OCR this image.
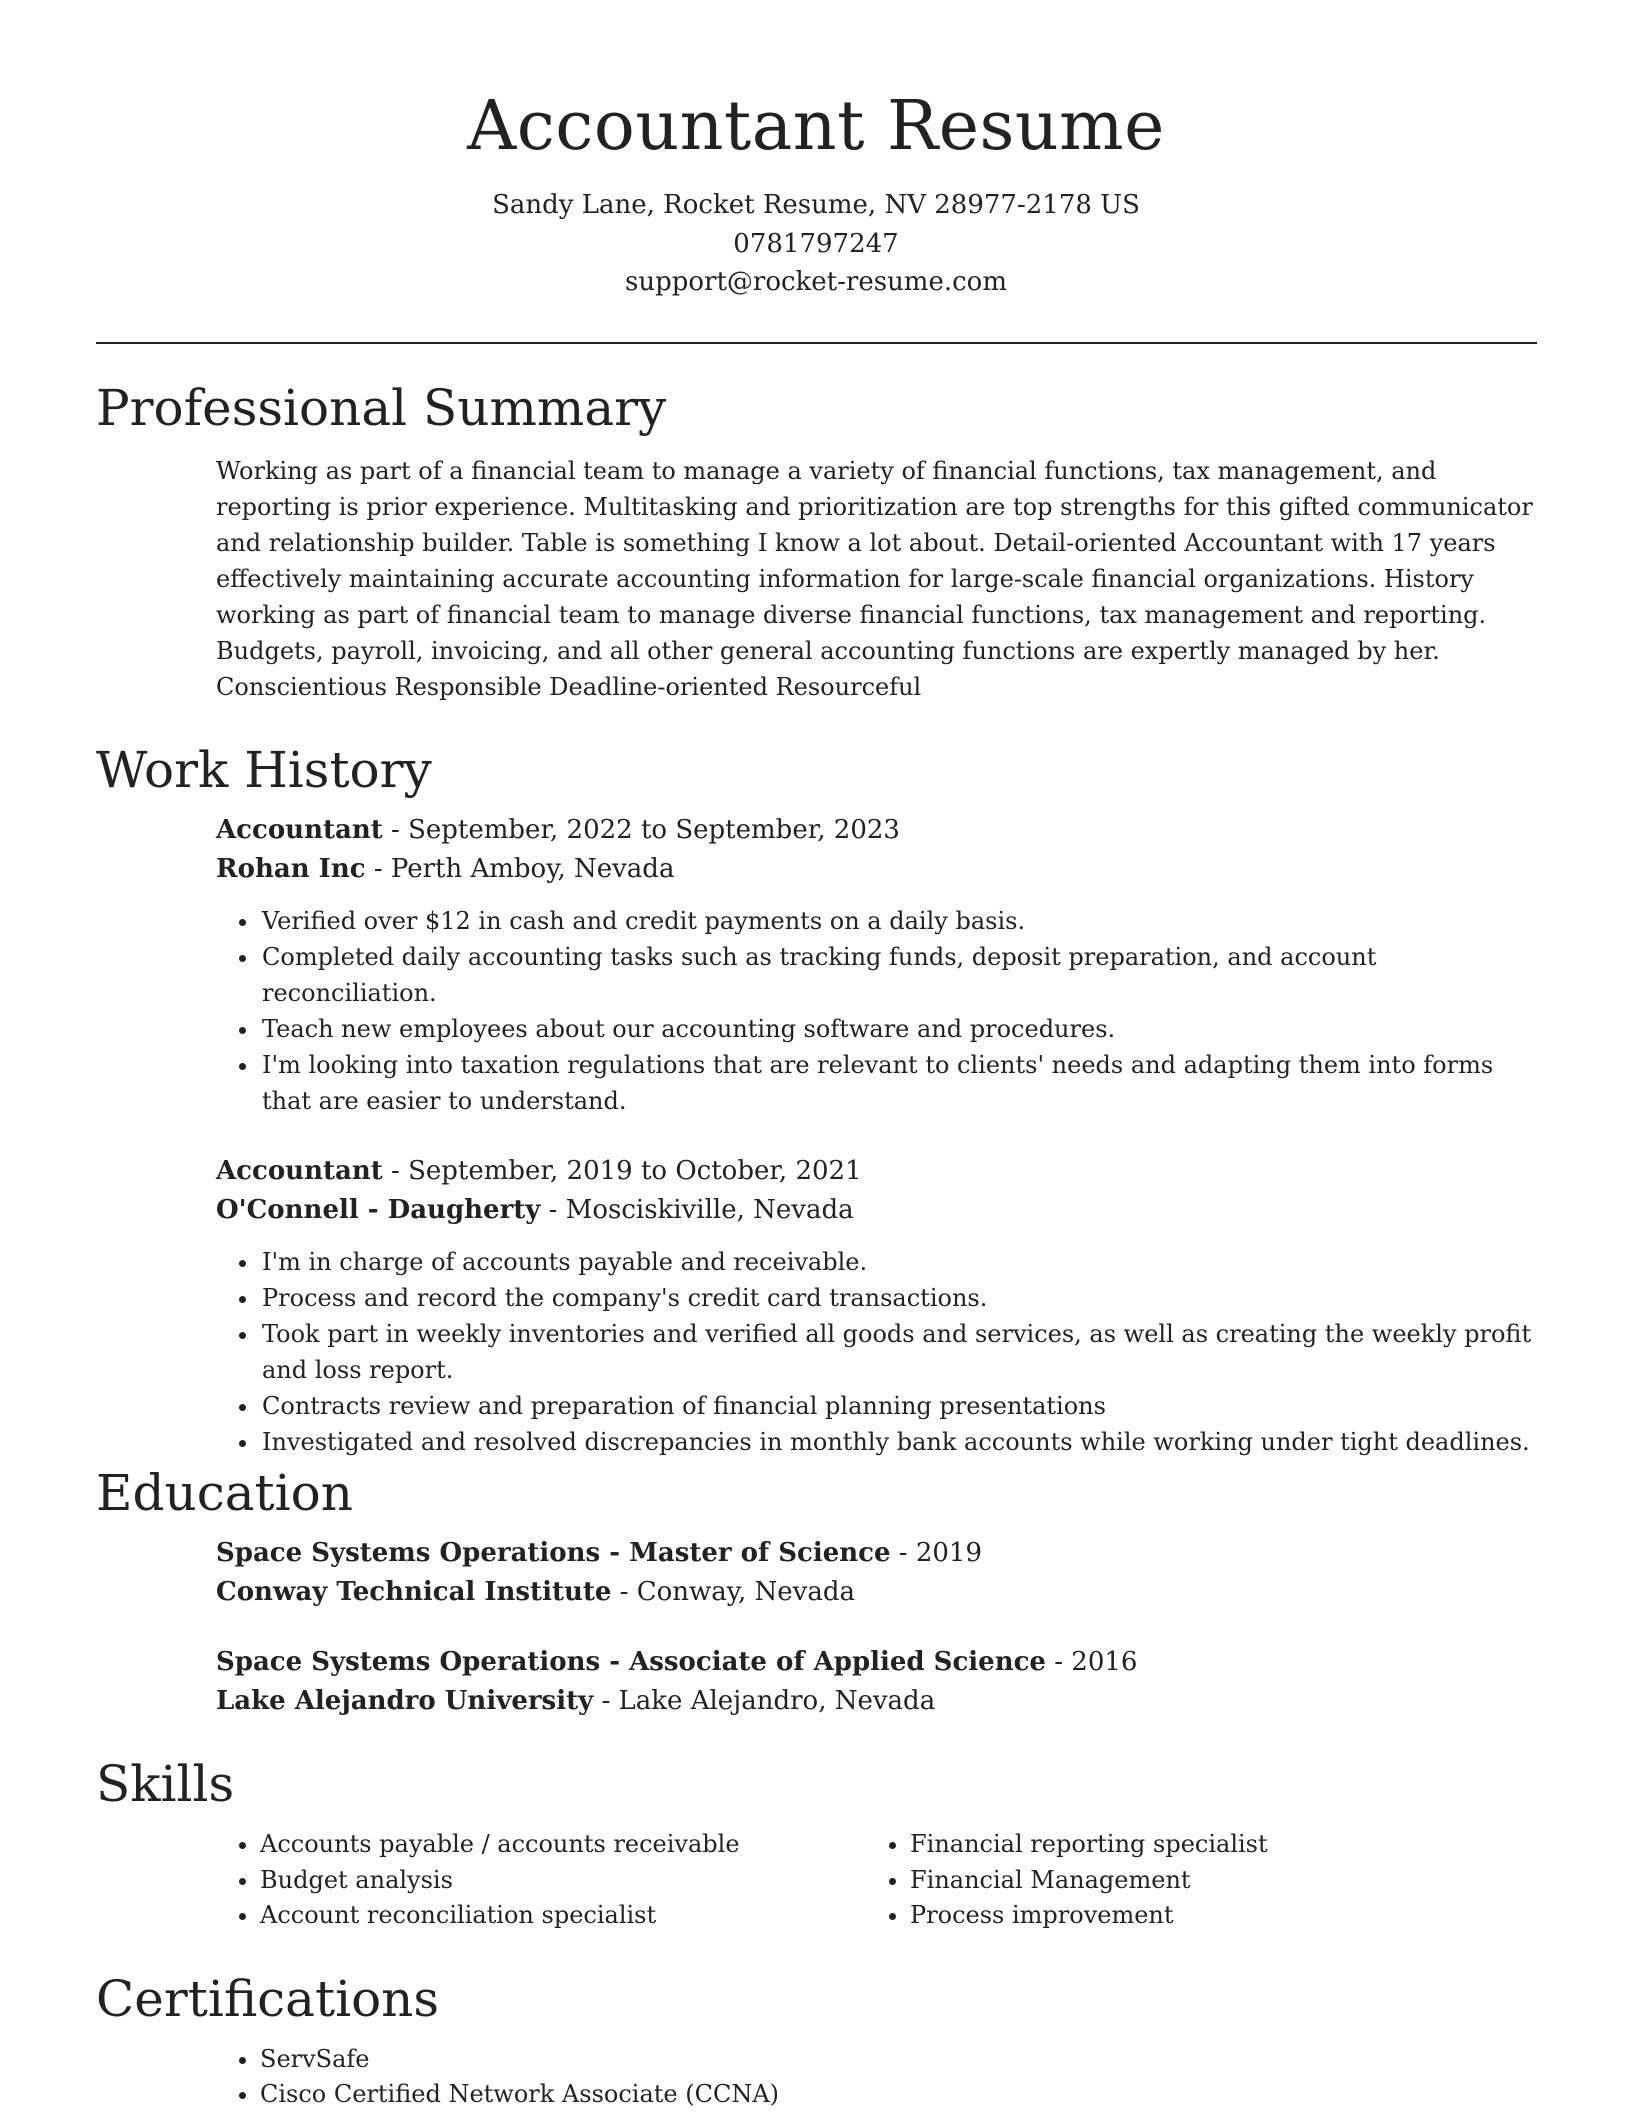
Accountant Resume
Sandy Lane, Rocket Resume, NV 28977-2178 US
0781797247
support@rocket-resume.com
Professional Summary

Working as part of a financial team to manage a variety of financial functions, tax management, and reporting is prior experience. Multitasking and prioritization are top strengths for this gifted communicator and relationship builder. Table is something I know a lot about. Detail-oriented Accountant with 17 years effectively maintaining accurate accounting information for large-scale financial organizations. History working as part of financial team to manage diverse financial functions, tax management and reporting. Budgets, payroll, invoicing, and all other general accounting functions are expertly managed by her. Conscientious Responsible Deadline-oriented Resourceful

Work History
Accountant - September, 2022 to September, 2023
Rohan Inc - Perth Amboy, Nevada
• Verified over $12 in cash and credit payments on a daily basis.
• Completed daily accounting tasks such as tracking funds, deposit preparation, and account reconciliation.
• Teach new employees about our accounting software and procedures.
• I'm looking into taxation regulations that are relevant to clients' needs and adapting them into forms that are easier to understand.
Accountant - September, 2019 to October, 2021
O'Connell - Daugherty - Mosciskiville, Nevada
• I'm in charge of accounts payable and receivable.
• Process and record the company's credit card transactions.
• Took part in weekly inventories and verified all goods and services, as well as creating the weekly profit and loss report.
• Contracts review and preparation of financial planning presentations
• Investigated and resolved discrepancies in monthly bank accounts while working under tight deadlines.
Education
Space Systems Operations - Master of Science - 2019
Conway Technical Institute - Conway, Nevada
Space Systems Operations - Associate of Applied Science - 2016
Lake Alejandro University - Lake Alejandro, Nevada
Skills
• Accounts payable / accounts receivable
• Budget analysis
• Account reconciliation specialist
• Financial reporting specialist
• Financial Management
• Process improvement
Certifications
• ServSafe
• Cisco Certified Network Associate (CCNA)
